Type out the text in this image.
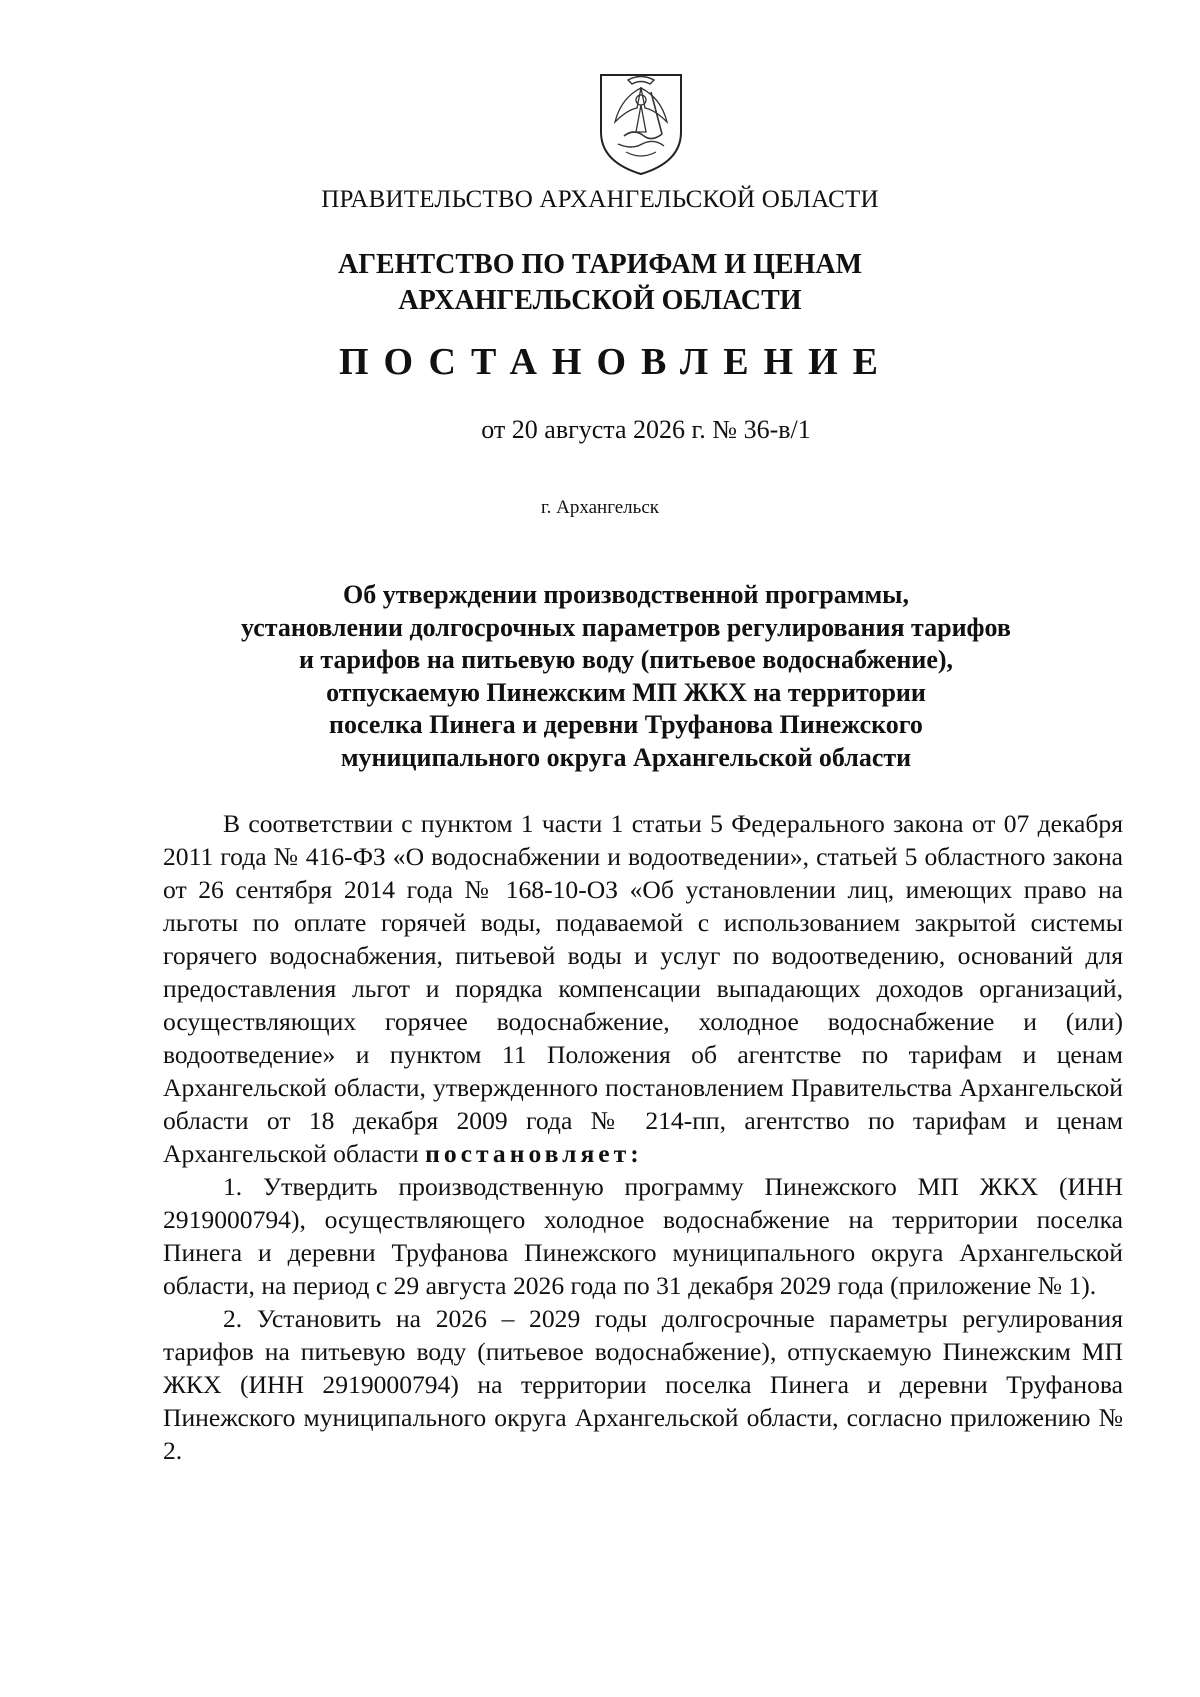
ПРАВИТЕЛЬСТВО АРХАНГЕЛЬСКОЙ ОБЛАСТИ
АГЕНТСТВО ПО ТАРИФАМ И ЦЕНАМ
АРХАНГЕЛЬСКОЙ ОБЛАСТИ
ПОСТАНОВЛЕНИЕ
от 20 августа 2026 г. № 36-в/1
г. Архангельск
Об утверждении производственной программы,
установлении долгосрочных параметров регулирования тарифов
и тарифов на питьевую воду (питьевое водоснабжение),
отпускаемую Пинежским МП ЖКХ на территории
поселка Пинега и деревни Труфанова Пинежского
муниципального округа Архангельской области

В соответствии с пунктом 1 части 1 статьи 5 Федерального закона от 07 декабря 2011 года № 416-ФЗ «О водоснабжении и водоотведении», статьей 5 областного закона от 26 сентября 2014 года № 168-10-ОЗ «Об установлении лиц, имеющих право на льготы по оплате горячей воды, подаваемой с использованием закрытой системы горячего водоснабжения, питьевой воды и услуг по водоотведению, оснований для предоставления льгот и порядка компенсации выпадающих доходов организаций, осуществляющих горячее водоснабжение, холодное водоснабжение и (или) водоотведение» и пунктом 11 Положения об агентстве по тарифам и ценам Архангельской области, утвержденного постановлением Правительства Архангельской области от 18 декабря 2009 года № 214-пп, агентство по тарифам и ценам Архангельской области постановляет:

1. Утвердить производственную программу Пинежского МП ЖКХ (ИНН 2919000794), осуществляющего холодное водоснабжение на территории поселка Пинега и деревни Труфанова Пинежского муниципального округа Архангельской области, на период с 29 августа 2026 года по 31 декабря 2029 года (приложение № 1).

2. Установить на 2026 – 2029 годы долгосрочные параметры регулирования тарифов на питьевую воду (питьевое водоснабжение), отпускаемую Пинежским МП ЖКХ (ИНН 2919000794) на территории поселка Пинега и деревни Труфанова Пинежского муниципального округа Архангельской области, согласно приложению № 2.
